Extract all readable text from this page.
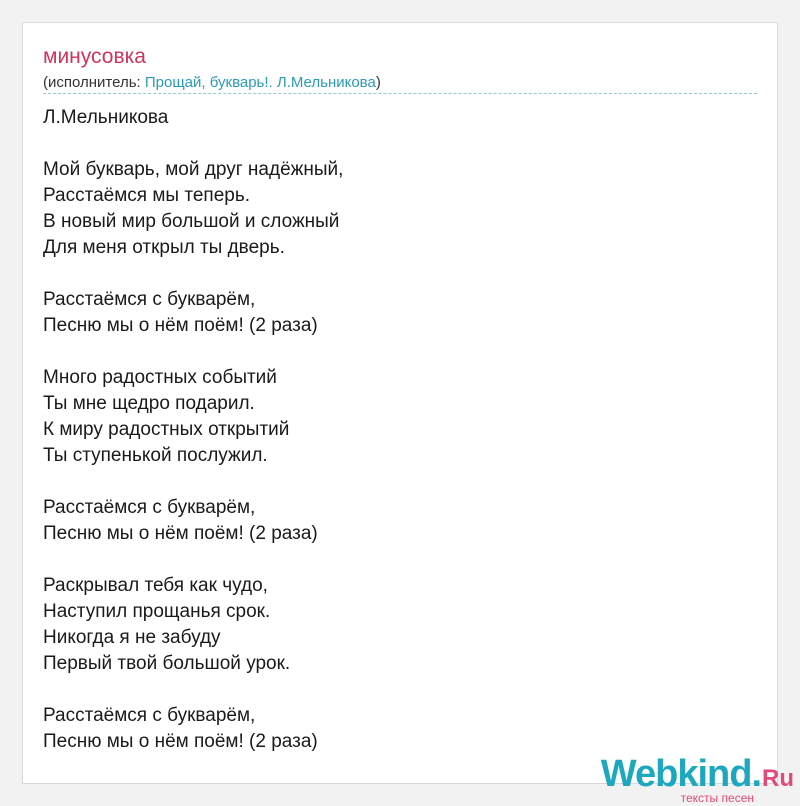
минусовка
(исполнитель: Прощай, букварь!. Л.Мельникова)
Л.Мельникова
Мой букварь, мой друг надёжный,
Расстаёмся мы теперь.
В новый мир большой и сложный
Для меня открыл ты дверь.
Расстаёмся с букварём,
Песню мы о нём поём! (2 раза)
Много радостных событий
Ты мне щедро подарил.
К миру радостных открытий
Ты ступенькой послужил.
Расстаёмся с букварём,
Песню мы о нём поём! (2 раза)
Раскрывал тебя как чудо,
Наступил прощанья срок.
Никогда я не забуду
Первый твой большой урок.
Расстаёмся с букварём,
Песню мы о нём поём! (2 раза)
Webkind.Ru
тексты песен
